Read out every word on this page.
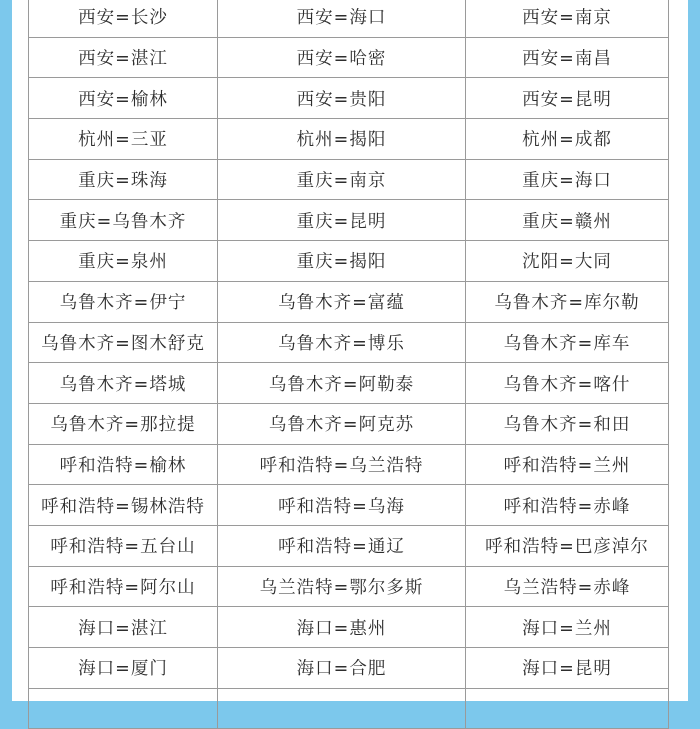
西安=长沙	西安=海口	西安=南京
西安=湛江	西安=哈密	西安=南昌
西安=榆林	西安=贵阳	西安=昆明
杭州=三亚	杭州=揭阳	杭州=成都
重庆=珠海	重庆=南京	重庆=海口
重庆=乌鲁木齐	重庆=昆明	重庆=赣州
重庆=泉州	重庆=揭阳	沈阳=大同
乌鲁木齐=伊宁	乌鲁木齐=富蕴	乌鲁木齐=库尔勒
乌鲁木齐=图木舒克	乌鲁木齐=博乐	乌鲁木齐=库车
乌鲁木齐=塔城	乌鲁木齐=阿勒泰	乌鲁木齐=喀什
乌鲁木齐=那拉提	乌鲁木齐=阿克苏	乌鲁木齐=和田
呼和浩特=榆林	呼和浩特=乌兰浩特	呼和浩特=兰州
呼和浩特=锡林浩特	呼和浩特=乌海	呼和浩特=赤峰
呼和浩特=五台山	呼和浩特=通辽	呼和浩特=巴彦淖尔
呼和浩特=阿尔山	乌兰浩特=鄂尔多斯	乌兰浩特=赤峰
海口=湛江	海口=惠州	海口=兰州
海口=厦门	海口=合肥	海口=昆明
